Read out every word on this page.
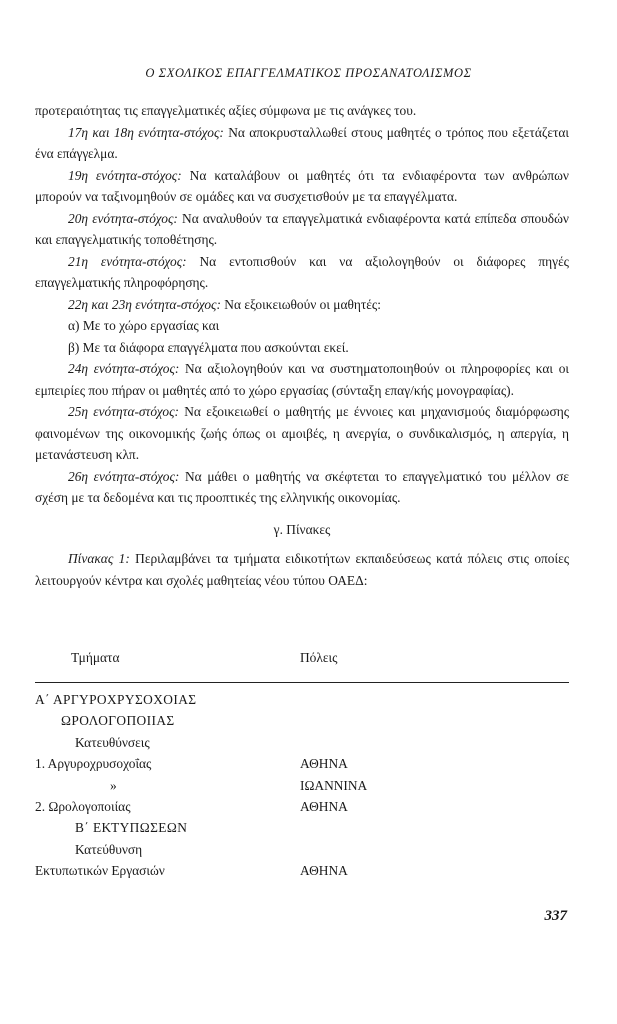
Ο ΣΧΟΛΙΚΟΣ ΕΠΑΓΓΕΛΜΑΤΙΚΟΣ ΠΡΟΣΑΝΑΤΟΛΙΣΜΟΣ

προτεραιότητας τις επαγγελματικές αξίες σύμφωνα με τις ανάγκες του.

17η και 18η ενότητα-στόχος: Να αποκρυσταλλωθεί στους μαθητές ο τρόπος που εξετάζεται ένα επάγγελμα.

19η ενότητα-στόχος: Να καταλάβουν οι μαθητές ότι τα ενδιαφέροντα των ανθρώπων μπορούν να ταξινομηθούν σε ομάδες και να συσχετισθούν με τα επαγγέλματα.

20η ενότητα-στόχος: Να αναλυθούν τα επαγγελματικά ενδιαφέροντα κατά επίπεδα σπουδών και επαγγελματικής τοποθέτησης.

21η ενότητα-στόχος: Να εντοπισθούν και να αξιολογηθούν οι διάφορες πηγές επαγγελματικής πληροφόρησης.

22η και 23η ενότητα-στόχος: Να εξοικειωθούν οι μαθητές:

α) Με το χώρο εργασίας και

β) Με τα διάφορα επαγγέλματα που ασκούνται εκεί.

24η ενότητα-στόχος: Να αξιολογηθούν και να συστηματοποιηθούν οι πληροφορίες και οι εμπειρίες που πήραν οι μαθητές από το χώρο εργασίας (σύνταξη επαγ/κής μονογραφίας).

25η ενότητα-στόχος: Να εξοικειωθεί ο μαθητής με έννοιες και μηχανισμούς διαμόρφωσης φαινομένων της οικονομικής ζωής όπως οι αμοιβές, η ανεργία, ο συνδικαλισμός, η απεργία, η μετανάστευση κλπ.

26η ενότητα-στόχος: Να μάθει ο μαθητής να σκέφτεται το επαγγελματικό του μέλλον σε σχέση με τα δεδομένα και τις προοπτικές της ελληνικής οικονομίας.

γ. Πίνακες

Πίνακας 1: Περιλαμβάνει τα τμήματα ειδικοτήτων εκπαιδεύσεως κατά πόλεις στις οποίες λειτουργούν κέντρα και σχολές μαθητείας νέου τύπου ΟΑΕΔ:

Τμήματα	Πόλεις
Α΄ ΑΡΓΥΡΟΧΡΥΣΟΧΟΙΑΣ
ΩΡΟΛΟΓΟΠΟΙΙΑΣ
Κατευθύνσεις
1. Αργυροχρυσοχοΐας	ΑΘΗΝΑ
»	ΙΩΑΝΝΙΝΑ
2. Ωρολογοποιίας	ΑΘΗΝΑ
Β΄ ΕΚΤΥΠΩΣΕΩΝ
Κατεύθυνση
Εκτυπωτικών Εργασιών	ΑΘΗΝΑ
337
